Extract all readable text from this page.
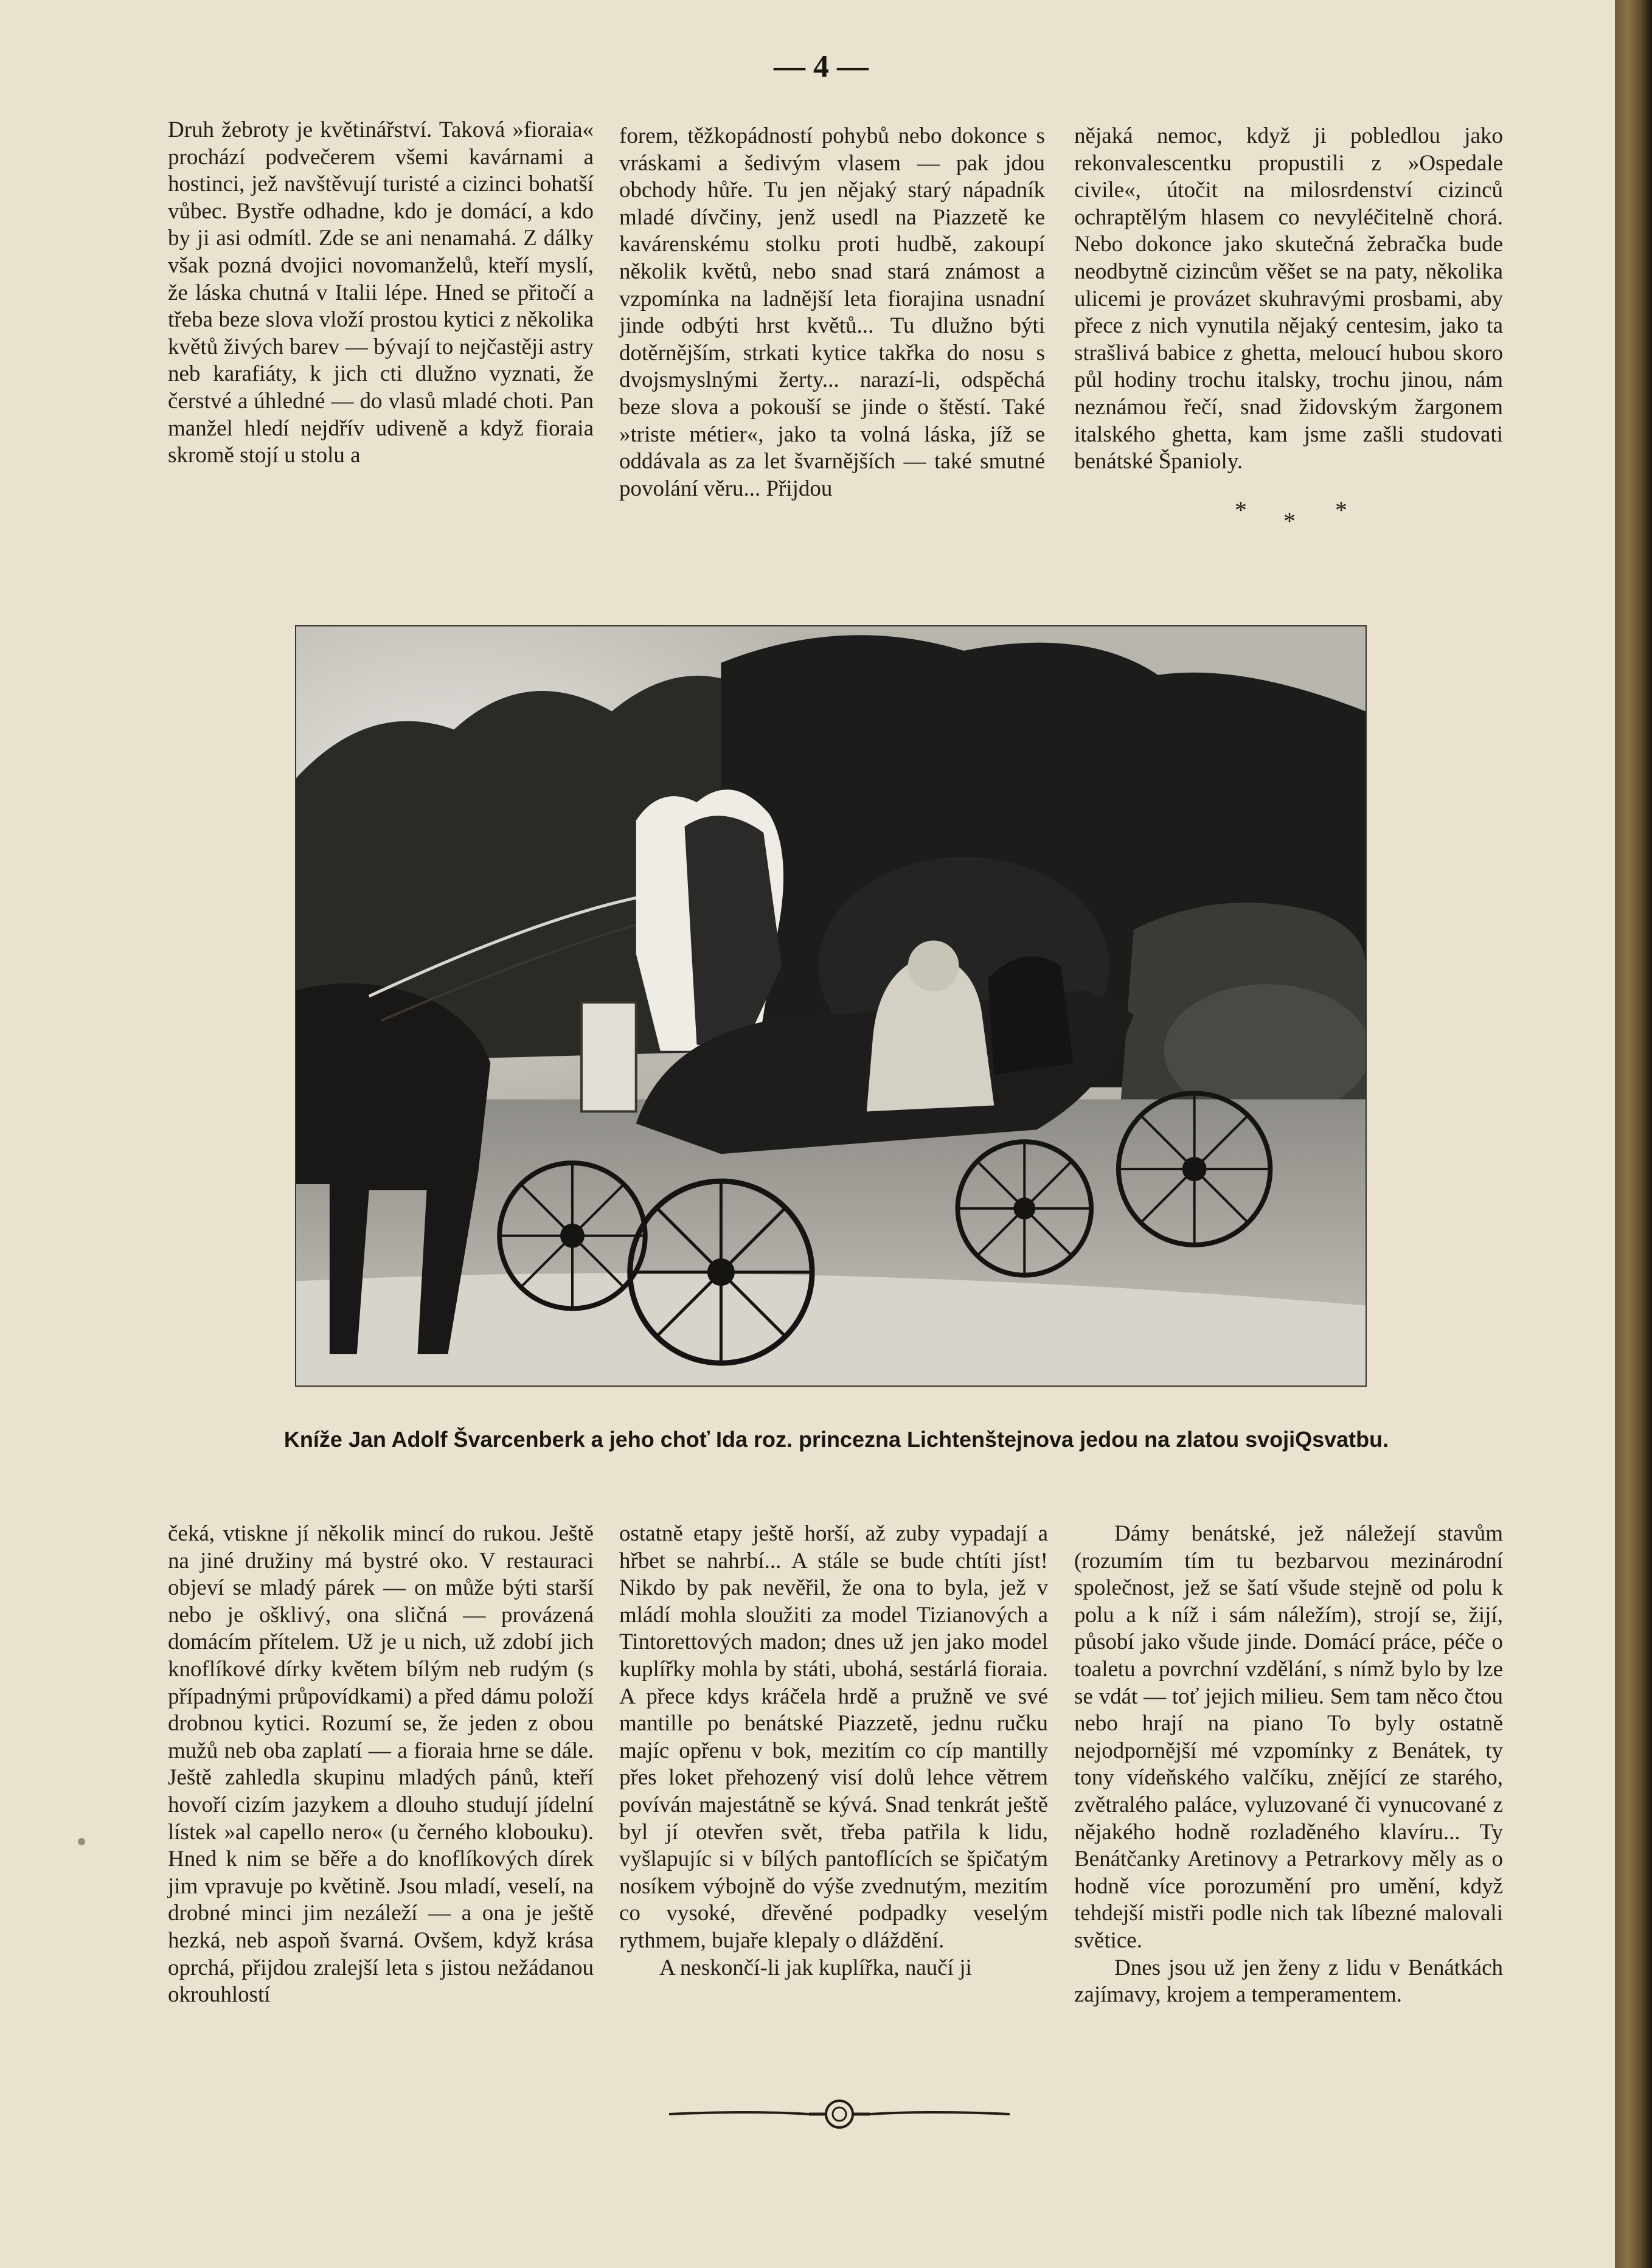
— 4 —

Druh žebroty je květinářství. Taková »fioraia« prochází podvečerem všemi kavárnami a hostinci, jež navštěvují turisté a cizinci bohatší vůbec. Bystře odhadne, kdo je domácí, a kdo by ji asi odmítl. Zde se ani nenamahá. Z dálky však pozná dvojici novomanželů, kteří myslí, že láska chutná v Italii lépe. Hned se přitočí a třeba beze slova vloží prostou kytici z několika květů živých barev — bývají to nejčastěji astry neb karafiáty, k jich cti dlužno vyznati, že čerstvé a úhledné — do vlasů mladé choti. Pan manžel hledí nejdřív udiveně a když fioraia skromě stojí u stolu a

forem, těžkopádností pohybů nebo dokonce s vráskami a šedivým vlasem — pak jdou obchody hůře. Tu jen nějaký starý nápadník mladé dívčiny, jenž usedl na Piazzetě ke kavárenskému stolku proti hudbě, zakoupí několik květů, nebo snad stará známost a vzpomínka na ladnější leta fiorajina usnadní jinde odbýti hrst květů... Tu dlužno býti dotěrnějším, strkati kytice takřka do nosu s dvojsmyslnými žerty... narazí-li, odspěchá beze slova a pokouší se jinde o štěstí. Také »triste métier«, jako ta volná láska, jíž se oddávala as za let švarnějších — také smutné povolání věru... Přijdou

nějaká nemoc, když ji pobledlou jako rekonvalescentku propustili z »Ospedale civile«, útočit na milosrdenství cizinců ochraptělým hlasem co nevyléčitelně chorá. Nebo dokonce jako skutečná žebračka bude neodbytně cizincům věšet se na paty, několika ulicemi je provázet skuhravými prosbami, aby přece z nich vynutila nějaký centesim, jako ta strašlivá babice z ghetta, meloucí hubou skoro půl hodiny trochu italsky, trochu jinou, nám neznámou řečí, snad židovským žargonem italského ghetta, kam jsme zašli studovati benátské Španioly.

* * *
Kníže Jan Adolf Švarcenberk a jeho choť Ida roz. princezna Lichtenštejnova jedou na zlatou svojiQsvatbu.

čeká, vtiskne jí několik mincí do rukou. Ještě na jiné družiny má bystré oko. V restauraci objeví se mladý párek — on může býti starší nebo je ošklivý, ona sličná — provázená domácím přítelem. Už je u nich, už zdobí jich knoflíkové dírky květem bílým neb rudým (s případnými průpovídkami) a před dámu položí drobnou kytici. Rozumí se, že jeden z obou mužů neb oba zaplatí — a fioraia hrne se dále. Ještě zahledla skupinu mladých pánů, kteří hovoří cizím jazykem a dlouho studují jídelní lístek »al capello nero« (u černého klobouku). Hned k nim se běře a do knoflíkových dírek jim vpravuje po květině. Jsou mladí, veselí, na drobné minci jim nezáleží — a ona je ještě hezká, neb aspoň švarná. Ovšem, když krása oprchá, přijdou zralejší leta s jistou nežádanou okrouhlostí

ostatně etapy ještě horší, až zuby vypadají a hřbet se nahrbí... A stále se bude chtíti jíst! Nikdo by pak nevěřil, že ona to byla, jež v mládí mohla sloužiti za model Tizianových a Tintorettových madon; dnes už jen jako model kuplířky mohla by státi, ubohá, sestárlá fioraia. A přece kdys kráčela hrdě a pružně ve své mantille po benátské Piazzetě, jednu ručku majíc opřenu v bok, mezitím co cíp mantilly přes loket přehozený visí dolů lehce větrem povíván majestátně se kývá. Snad tenkrát ještě byl jí otevřen svět, třeba patřila k lidu, vyšlapujíc si v bílých pantoflících se špičatým nosíkem výbojně do výše zvednutým, mezitím co vysoké, dřevěné podpadky veselým rythmem, bujaře klepaly o dláždění.
A neskončí-li jak kuplířka, naučí ji
Dámy benátské, jež náležejí stavům (rozumím tím tu bezbarvou mezinárodní společnost, jež se šatí všude stejně od polu k polu a k níž i sám náležím), strojí se, žijí, působí jako všude jinde. Domácí práce, péče o toaletu a povrchní vzdělání, s nímž bylo by lze se vdát — toť jejich milieu. Sem tam něco čtou nebo hrají na piano To byly ostatně nejodpornější mé vzpomínky z Benátek, ty tony vídeňského valčíku, znějící ze starého, zvětralého paláce, vyluzované či vynucované z nějakého hodně rozladěného klavíru... Ty Benátčanky Aretinovy a Petrarkovy měly as o hodně více porozumění pro umění, když tehdejší mistři podle nich tak líbezné malovali světice.
Dnes jsou už jen ženy z lidu v Benátkách zajímavy, krojem a temperamentem.
